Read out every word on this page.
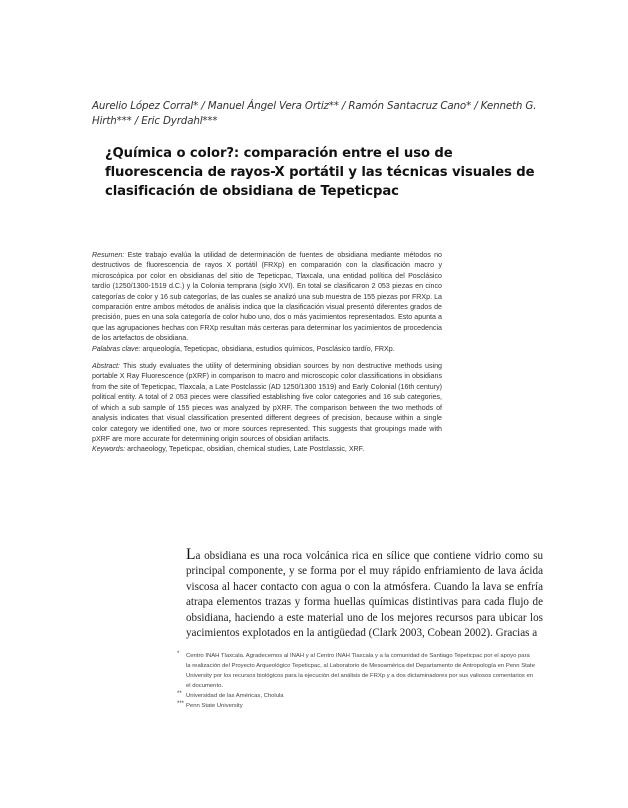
Aurelio López Corral* / Manuel Ángel Vera Ortiz** / Ramón Santacruz Cano* / Kenneth G. Hirth*** / Eric Dyrdahl***
¿Química o color?: comparación entre el uso de fluorescencia de rayos-X portátil y las técnicas visuales de clasificación de obsidiana de Tepeticpac

Resumen: Este trabajo evalúa la utilidad de determinación de fuentes de obsidiana mediante métodos no destructivos de fluorescencia de rayos X portátil (FRXp) en comparación con la clasificación macro y microscópica por color en obsidianas del sitio de Tepeticpac, Tlaxcala, una entidad política del Posclásico tardío (1250/1300-1519 d.C.) y la Colonia temprana (siglo XVI). En total se clasificaron 2 053 piezas en cinco categorías de color y 16 sub categorías, de las cuales se analizó una sub muestra de 155 piezas por FRXp. La comparación entre ambos métodos de análisis indica que la clasificación visual presentó diferentes grados de precisión, pues en una sola categoría de color hubo uno, dos o más yacimientos representados. Esto apunta a que las agrupaciones hechas con FRXp resultan más certeras para determinar los yacimientos de procedencia de los artefactos de obsidiana.

Palabras clave: arqueología, Tepeticpac, obsidiana, estudios químicos, Posclásico tardío, FRXp.

Abstract: This study evaluates the utility of determining obsidian sources by non destructive methods using portable X Ray Fluorescence (pXRF) in comparison to macro and microscopic color classifications in obsidians from the site of Tepeticpac, Tlaxcala, a Late Postclassic (AD 1250/1300 1519) and Early Colonial (16th century) political entity. A total of 2 053 pieces were classified establishing five color categories and 16 sub categories, of which a sub sample of 155 pieces was analyzed by pXRF. The comparison between the two methods of analysis indicates that visual classification presented different degrees of precision, because within a single color category we identified one, two or more sources represented. This suggests that groupings made with pXRF are more accurate for determining origin sources of obsidian artifacts.

Keywords: archaeology, Tepeticpac, obsidian, chemical studies, Late Postclassic, XRF.

La obsidiana es una roca volcánica rica en sílice que contiene vidrio como su principal componente, y se forma por el muy rápido enfriamiento de lava ácida viscosa al hacer contacto con agua o con la atmósfera. Cuando la lava se enfría atrapa elementos trazas y forma huellas químicas distintivas para cada flujo de obsidiana, haciendo a este material uno de los mejores recursos para ubicar los yacimientos explotados en la antigüedad (Clark 2003, Cobean 2002). Gracias a

* Centro INAH Tlaxcala. Agradecemos al INAH y al Centro INAH Tlaxcala y a la comunidad de Santiago Tepeticpac por el apoyo para la realización del Proyecto Arqueológico Tepeticpac, al Laboratorio de Mesoamérica del Departamento de Antropología en Penn State University por los recursos biológicos para la ejecución del análisis de FRXp y a dos dictaminadores por sus valiosos comentarios en el documento.

** Universidad de las Américas, Cholula

*** Penn State University
